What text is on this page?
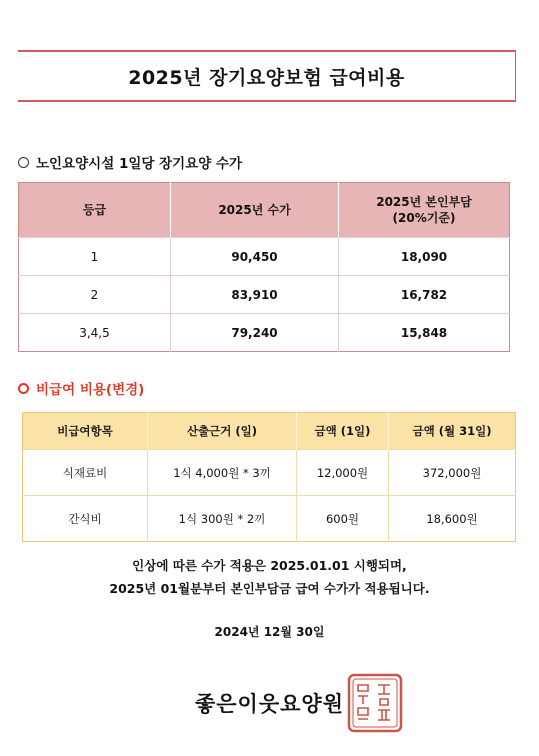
2025년 장기요양보험 급여비용
노인요양시설 1일당 장기요양 수가
등급	2025년 수가	2025년 본인부담
(20%기준)

1	90,450	18,090
2	83,910	16,782
3,4,5	79,240	15,848
비급여 비용(변경)
비급여항목	산출근거 (일)	금액 (1일)	금액 (월 31일)
식재료비	1식 4,000원 * 3끼	12,000원	372,000원
간식비	1식 300원 * 2끼	600원	18,600원
인상에 따른 수가 적용은 2025.01.01 시행되며,
2025년 01월분부터 본인부담금 급여 수가가 적용됩니다.
2024년 12월 30일
좋은이웃요양원
